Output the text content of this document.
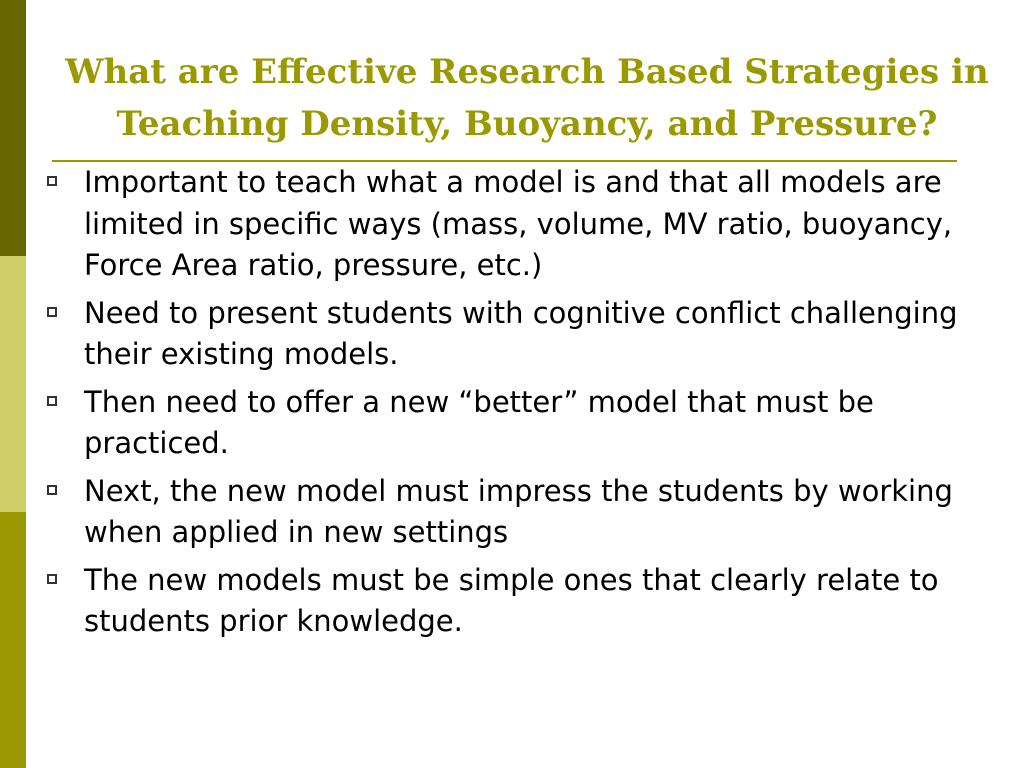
What are Effective Research Based Strategies in
Teaching Density, Buoyancy, and Pressure?
Important to teach what a model is and that all models are limited in specific ways (mass, volume, MV ratio, buoyancy, Force Area ratio, pressure, etc.)
Need to present students with cognitive conflict challenging their existing models.
Then need to offer a new “better” model that must be practiced.
Next, the new model must impress the students by working when applied in new settings
The new models must be simple ones that clearly relate to students prior knowledge.
